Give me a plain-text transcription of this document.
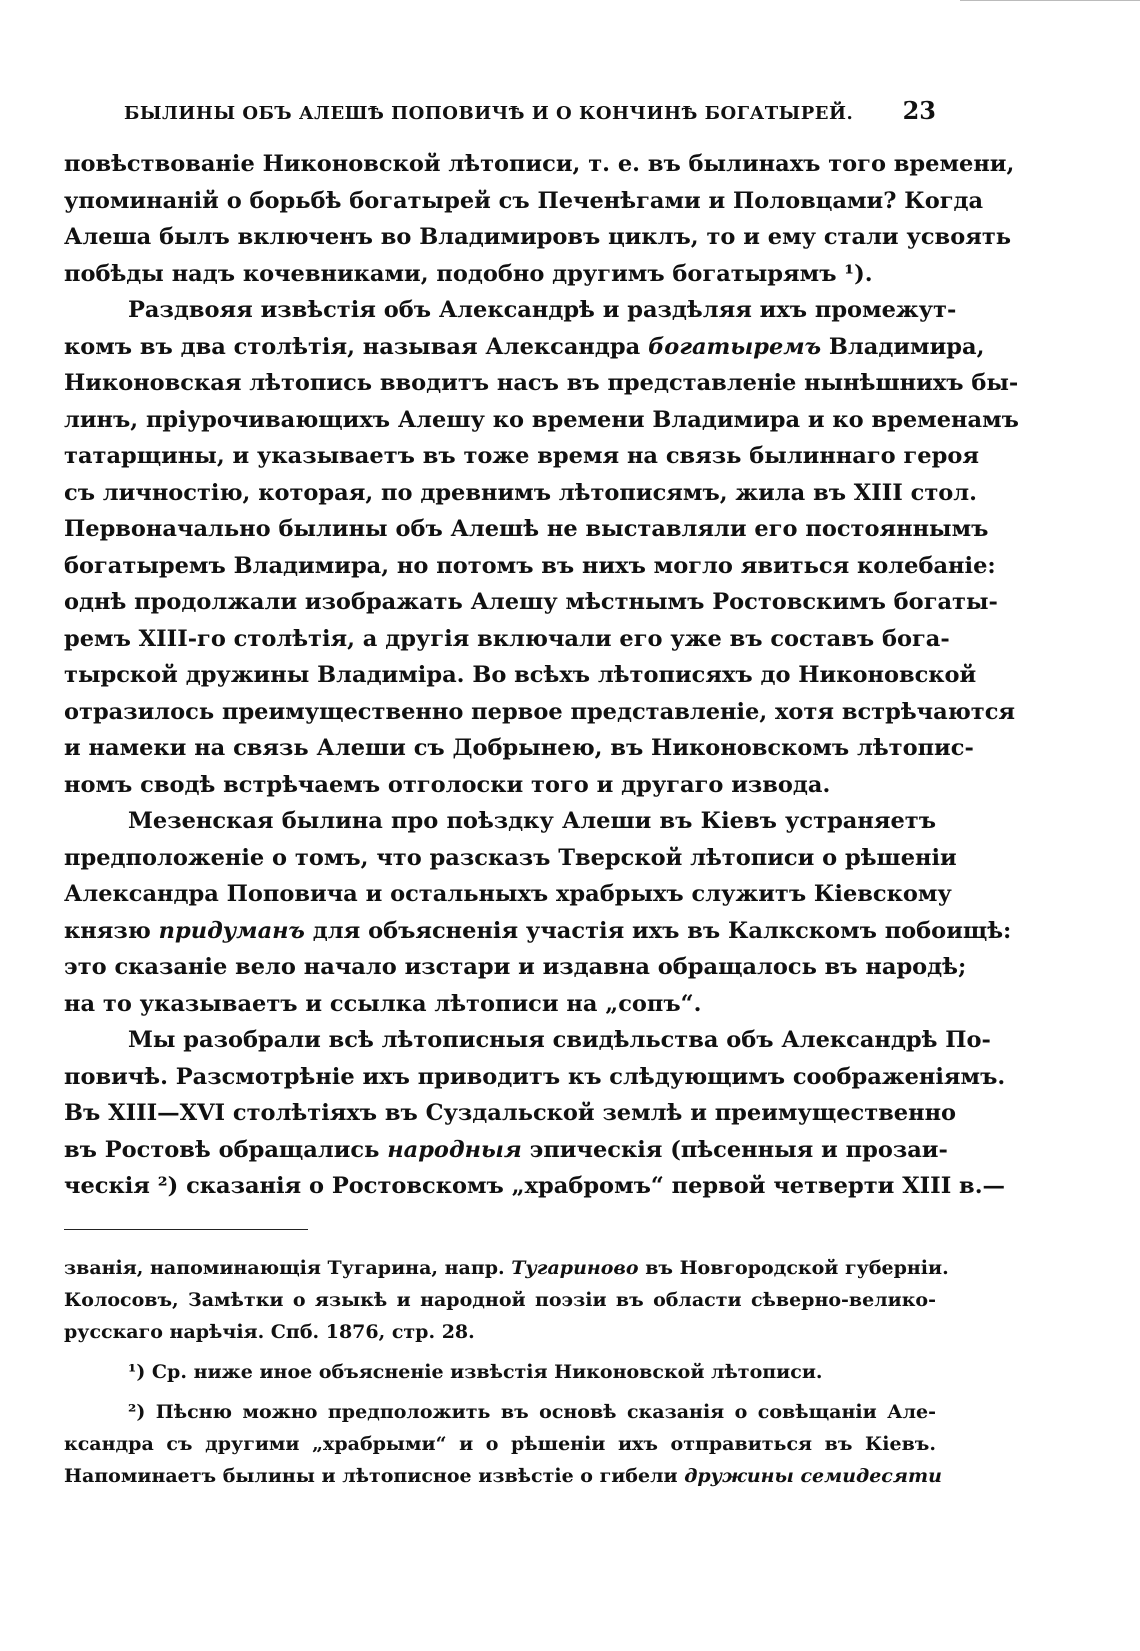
БЫЛИНЫ ОБЪ АЛЕШѢ ПОПОВИЧѢ И О КОНЧИНѢ БОГАТЫРЕЙ. 23
повѣствованіе Никоновской лѣтописи, т. е. въ былинахъ того времени,
упоминаній о борьбѣ богатырей съ Печенѣгами и Половцами? Когда
Алеша былъ включенъ во Владимировъ циклъ, то и ему стали усвоять
побѣды надъ кочевниками, подобно другимъ богатырямъ ¹).
Раздвояя извѣстія объ Александрѣ и раздѣляя ихъ промежут-
комъ въ два столѣтія, называя Александра богатыремъ Владимира,
Никоновская лѣтопись вводитъ насъ въ представленіе нынѣшнихъ бы-
линъ, пріурочивающихъ Алешу ко времени Владимира и ко временамъ
татарщины, и указываетъ въ тоже время на связь былиннаго героя
съ личностію, которая, по древнимъ лѣтописямъ, жила въ XIII стол.
Первоначально былины объ Алешѣ не выставляли его постояннымъ
богатыремъ Владимира, но потомъ въ нихъ могло явиться колебаніе:
однѣ продолжали изображать Алешу мѣстнымъ Ростовскимъ богаты-
ремъ XIII-го столѣтія, а другія включали его уже въ составъ бога-
тырской дружины Владиміра. Во всѣхъ лѣтописяхъ до Никоновской
отразилось преимущественно первое представленіе, хотя встрѣчаются
и намеки на связь Алеши съ Добрынею, въ Никоновскомъ лѣтопис-
номъ сводѣ встрѣчаемъ отголоски того и другаго извода.
Мезенская былина про поѣздку Алеши въ Кіевъ устраняетъ
предположеніе о томъ, что разсказъ Тверской лѣтописи о рѣшеніи
Александра Поповича и остальныхъ храбрыхъ служитъ Кіевскому
князю придуманъ для объясненія участія ихъ въ Калкскомъ побоищѣ:
это сказаніе вело начало изстари и издавна обращалось въ народѣ;
на то указываетъ и ссылка лѣтописи на „сопъ“.
Мы разобрали всѣ лѣтописныя свидѣльства объ Александрѣ По-
повичѣ. Разсмотрѣніе ихъ приводитъ къ слѣдующимъ соображеніямъ.
Въ XIII—XVI столѣтіяхъ въ Суздальской землѣ и преимущественно
въ Ростовѣ обращались народныя эпическія (пѣсенныя и прозаи-
ческія ²) сказанія о Ростовскомъ „храбромъ“ первой четверти XIII в.—
званія, напоминающія Тугарина, напр. Тугариново въ Новгородской губерніи.
Колосовъ, Замѣтки о языкѣ и народной поэзіи въ области сѣверно-велико-
русскаго нарѣчія. Спб. 1876, стр. 28.
¹) Ср. ниже иное объясненіе извѣстія Никоновской лѣтописи.
²) Пѣсню можно предположить въ основѣ сказанія о совѣщаніи Але-
ксандра съ другими „храбрыми“ и о рѣшеніи ихъ отправиться въ Кіевъ.
Напоминаетъ былины и лѣтописное извѣстіе о гибели дружины семидесяти
